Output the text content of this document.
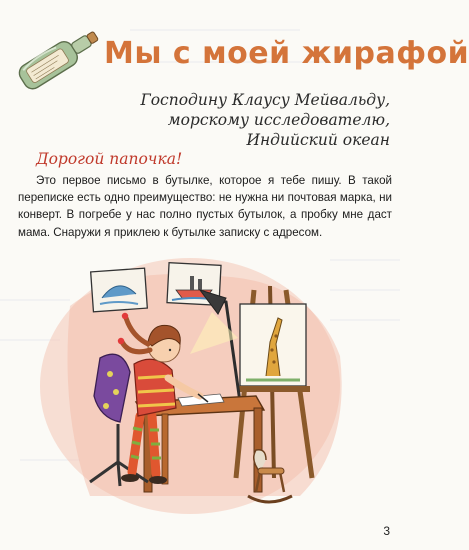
Мы с моей жирафой
Господину Клаусу Мейвальду,
морскому исследователю,
Индийский океан
Дорогой папочка!

Это первое письмо в бутылке, которое я тебе пишу. В такой переписке есть одно преимущество: не нужна ни почтовая марка, ни конверт. В погребе у нас полно пустых бутылок, а пробку мне даст мама. Снаружи я приклею к бутылке записку с адресом.

3
